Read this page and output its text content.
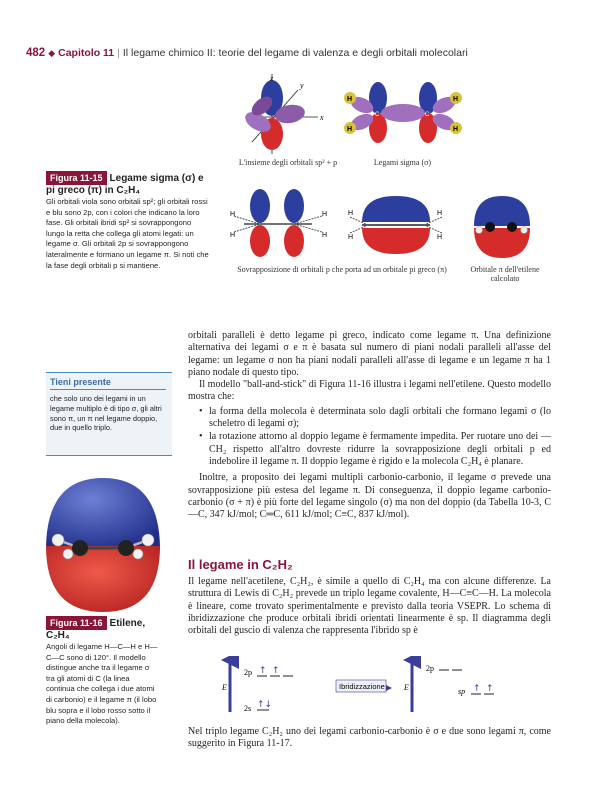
482 ◆ Capitolo 11 | Il legame chimico II: teorie del legame di valenza e degli orbitali molecolari
z
y
x
L'insieme degli orbitali sp² + p
H
H
H
H
C	C
Legami sigma (σ)
H
H
H
H
H
H
H
H
Sovrapposizione di orbitali p che porta ad un orbitale pi greco (π)	Orbitale π dell'etilene calcolato
Figura 11-15 Legame sigma (σ) e pi greco (π) in C₂H₄
Gli orbitali viola sono orbitali sp²; gli orbitali rossi e blu sono 2p, con i colori che indicano la loro fase. Gli orbitali ibridi sp² si sovrappongono lungo la retta che collega gli atomi legati: un legame σ. Gli orbitali 2p si sovrappongono lateralmente e formano un legame π. Si noti che la fase degli orbitali p si mantiene.
Tieni presente
che solo uno dei legami in un legame multiplo è di tipo σ, gli altri sono π, un π nel legame doppio, due in quello triplo.
Figura 11-16 Etilene, C₂H₄
Angoli di legame H—C—H e H—C—C sono di 120°. Il modello distingue anche tra il legame σ tra gli atomi di C (la linea continua che collega i due atomi di carbonio) e il legame π (il lobo blu sopra e il lobo rosso sotto il piano della molecola).

orbitali paralleli è detto legame pi greco, indicato come legame π. Una definizione alternativa dei legami σ e π è basata sul numero di piani nodali paralleli all'asse del legame: un legame σ non ha piani nodali paralleli all'asse di legame e un legame π ha 1 piano nodale di questo tipo.

Il modello "ball-and-stick" di Figura 11-16 illustra i legami nell'etilene. Questo modello mostra che:

• la forma della molecola è determinata solo dagli orbitali che formano legami σ (lo scheletro di legami σ);
• la rotazione attorno al doppio legame è fermamente impedita. Per ruotare uno dei —CH₂ rispetto all'altro dovreste ridurre la sovrapposizione degli orbitali p ed indebolire il legame π. Il doppio legame è rigido e la molecola C₂H₄ è planare.

Inoltre, a proposito dei legami multipli carbonio-carbonio, il legame σ prevede una sovrapposizione più estesa del legame π. Di conseguenza, il doppio legame carbonio-carbonio (σ + π) è più forte del legame singolo (σ) ma non del doppio (da Tabella 10-3, C—C, 347 kJ/mol; C═C, 611 kJ/mol; C≡C, 837 kJ/mol).

Il legame in C₂H₂

Il legame nell'acetilene, C₂H₂, è simile a quello di C₂H₄ ma con alcune differenze. La struttura di Lewis di C₂H₂ prevede un triplo legame covalente, H—C≡C—H. La molecola è lineare, come trovato sperimentalmente e previsto dalla teoria VSEPR. Lo schema di ibridizzazione che produce orbitali ibridi orientati linearmente è sp. Il diagramma degli orbitali del guscio di valenza che rappresenta l'ibrido sp è

E
2p ↑ ↑
2s ↑↓
Ibridizzazione E
2p
sp ↑ ↑

Nel triplo legame C₂H₂ uno dei legami carbonio-carbonio è σ e due sono legami π, come suggerito in Figura 11-17.
